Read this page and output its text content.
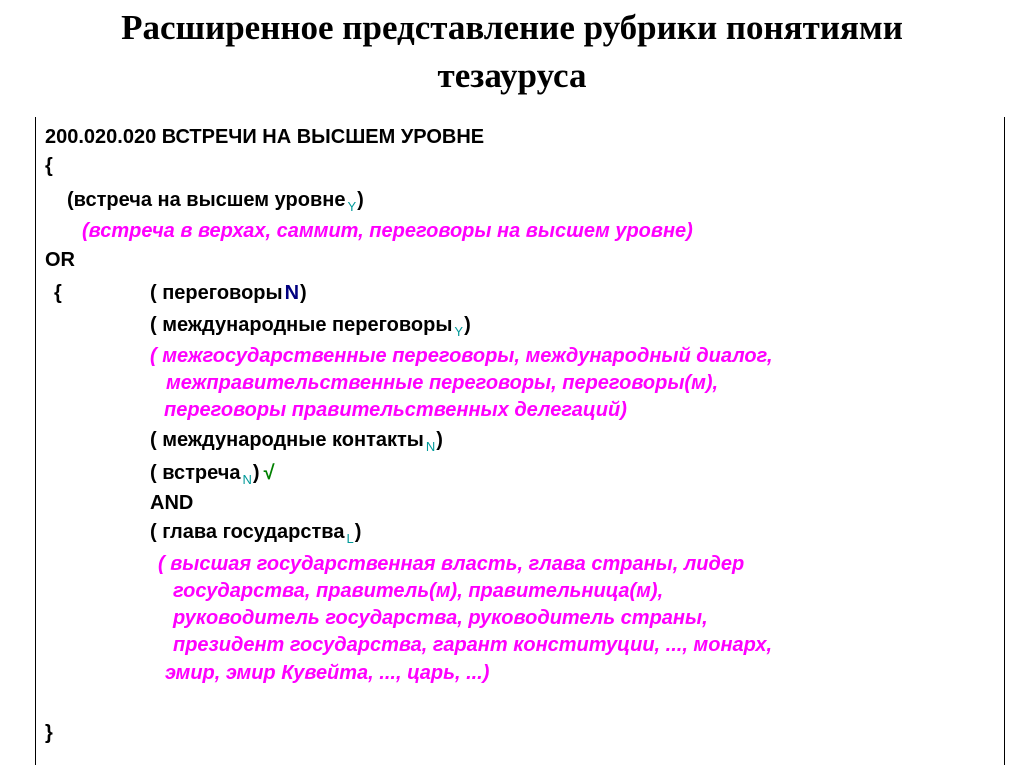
Расширенное представление рубрики понятиями
тезауруса
200.020.020 ВСТРЕЧИ НА ВЫСШЕМ УРОВНЕ
{
(встреча на высшем уровне $_Y$)
(встреча в верхах, саммит, переговоры на высшем уровне)
OR
{	( переговоры N)
( международные переговоры $_Y$)
( межгосударственные переговоры, международный диалог,
межправительственные переговоры, переговоры(м),
переговоры правительственных делегаций)
( международные контакты $_N$)
( встреча $_N$) √
AND
( глава государства $_L$)
( высшая государственная власть, глава страны, лидер
государства, правитель(м), правительница(м),
руководитель государства, руководитель страны,
президент государства, гарант конституции, ..., монарх,
эмир, эмир Кувейта, ..., царь, ...)
}
